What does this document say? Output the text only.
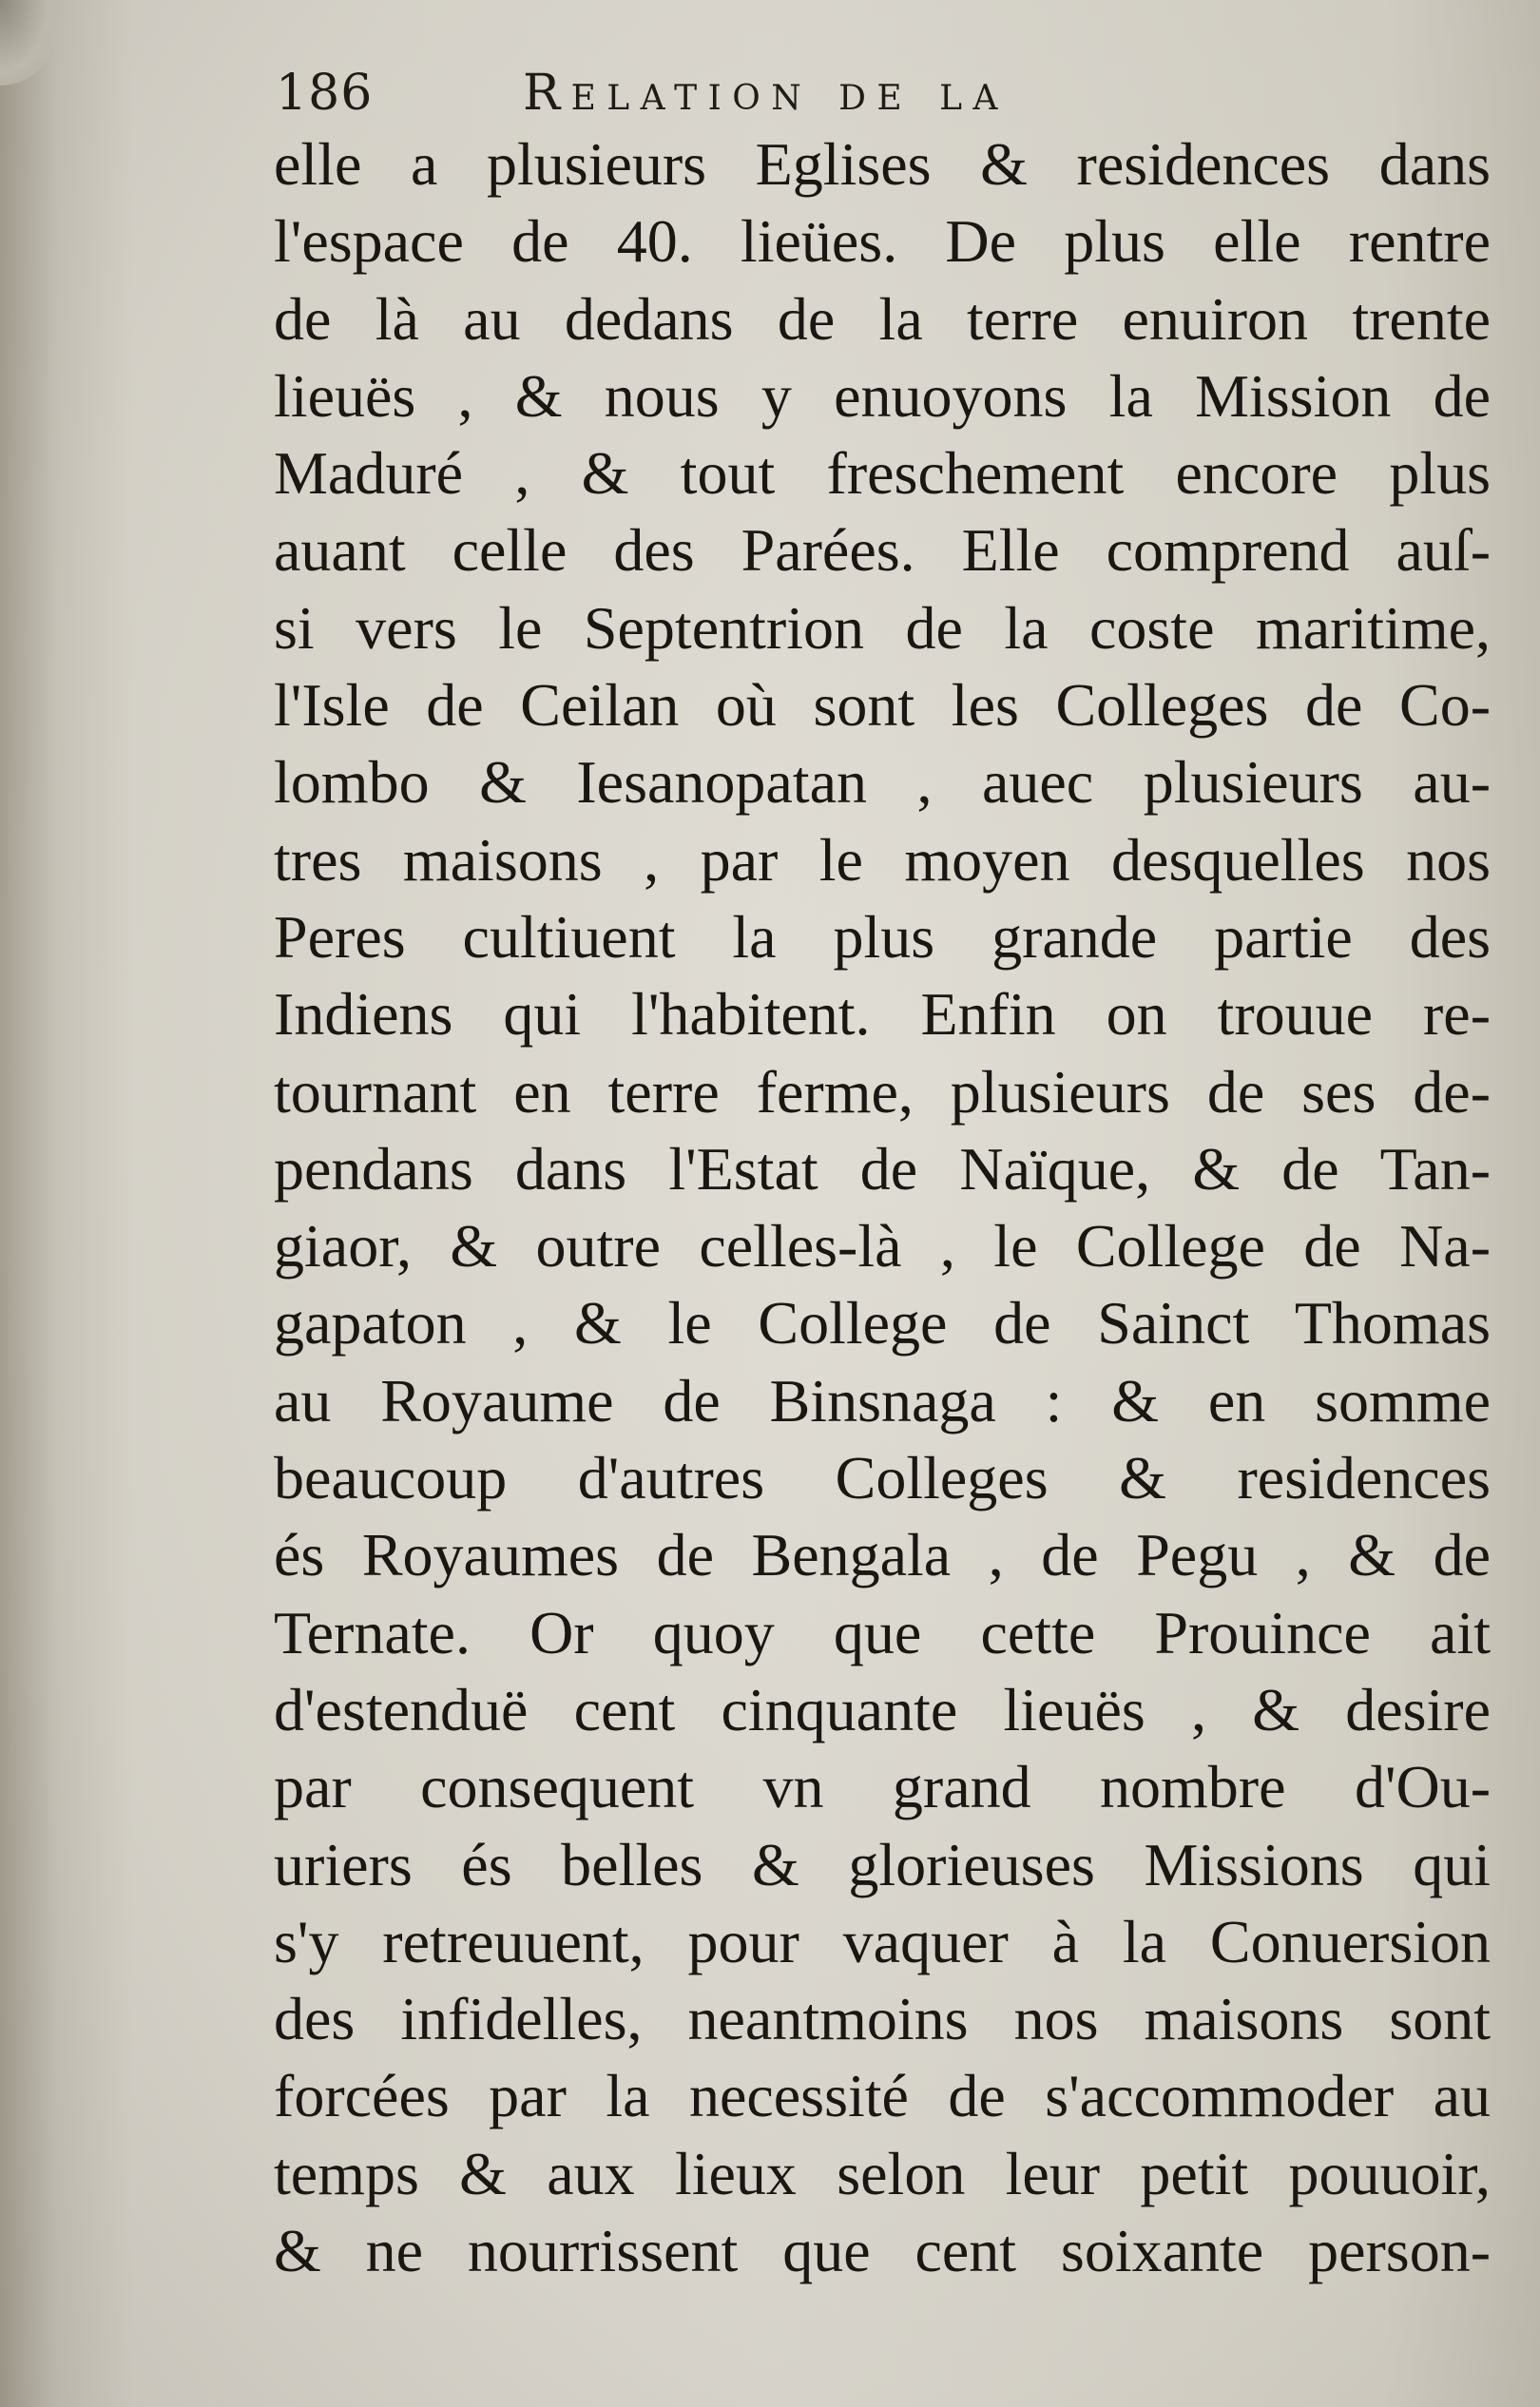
186	Relation de la
elle a plusieurs Eglises & residences dans
l'espace de 40. lieües. De plus elle rentre
de là au dedans de la terre enuiron trente
lieuës , & nous y enuoyons la Mission de
Maduré , & tout freschement encore plus
auant celle des Parées. Elle comprend auſ-
si vers le Septentrion de la coste maritime,
l'Isle de Ceilan où sont les Colleges de Co-
lombo & Iesanopatan , auec plusieurs au-
tres maisons , par le moyen desquelles nos
Peres cultiuent la plus grande partie des
Indiens qui l'habitent. Enfin on trouue re-
tournant en terre ferme, plusieurs de ses de-
pendans dans l'Estat de Naïque, & de Tan-
giaor, & outre celles-là , le College de Na-
gapaton , & le College de Sainct Thomas
au Royaume de Binsnaga : & en somme
beaucoup d'autres Colleges & residences
és Royaumes de Bengala , de Pegu , & de
Ternate. Or quoy que cette Prouince ait
d'estenduë cent cinquante lieuës , & desire
par consequent vn grand nombre d'Ou-
uriers és belles & glorieuses Missions qui
s'y retreuuent, pour vaquer à la Conuersion
des infidelles, neantmoins nos maisons sont
forcées par la necessité de s'accommoder au
temps & aux lieux selon leur petit pouuoir,
& ne nourrissent que cent soixante person-
